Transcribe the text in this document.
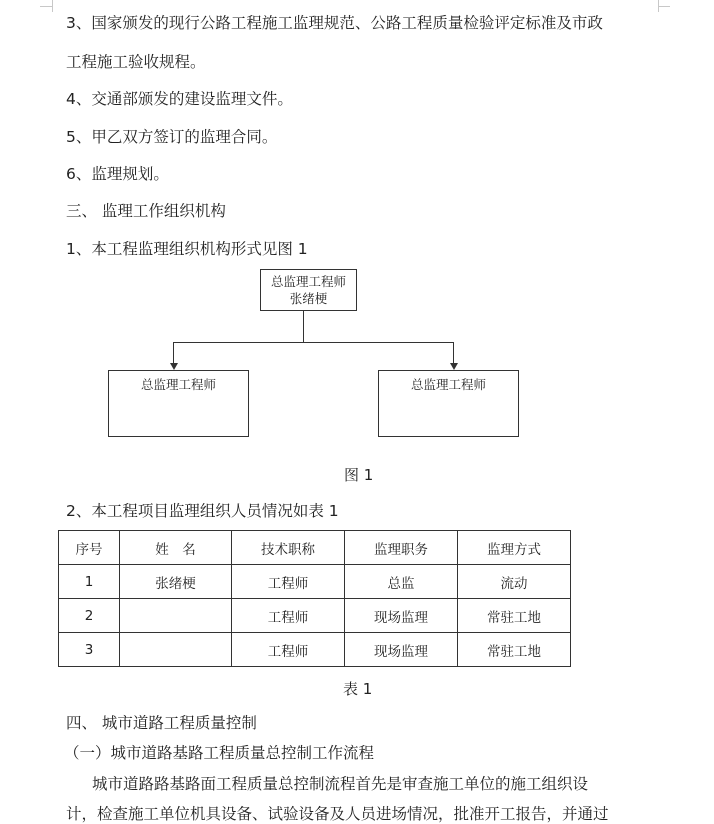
3、国家颁发的现行公路工程施工监理规范、公路工程质量检验评定标准及市政
工程施工验收规程。
4、交通部颁发的建设监理文件。
5、甲乙双方签订的监理合同。
6、监理规划。
三、 监理工作组织机构
1、本工程监理组织机构形式见图 1
总监理工程师
张绪梗
总监理工程师	总监理工程师
图 1
2、本工程项目监理组织人员情况如表 1
序号	姓　名	技术职称	监理职务	监理方式
1	张绪梗	工程师	总监	流动
2		工程师	现场监理	常驻工地
3		工程师	现场监理	常驻工地
表 1
四、 城市道路工程质量控制
（一）城市道路基路工程质量总控制工作流程
城市道路路基路面工程质量总控制流程首先是审查施工单位的施工组织设
计，检查施工单位机具设备、试验设备及人员进场情况，批准开工报告，并通过
